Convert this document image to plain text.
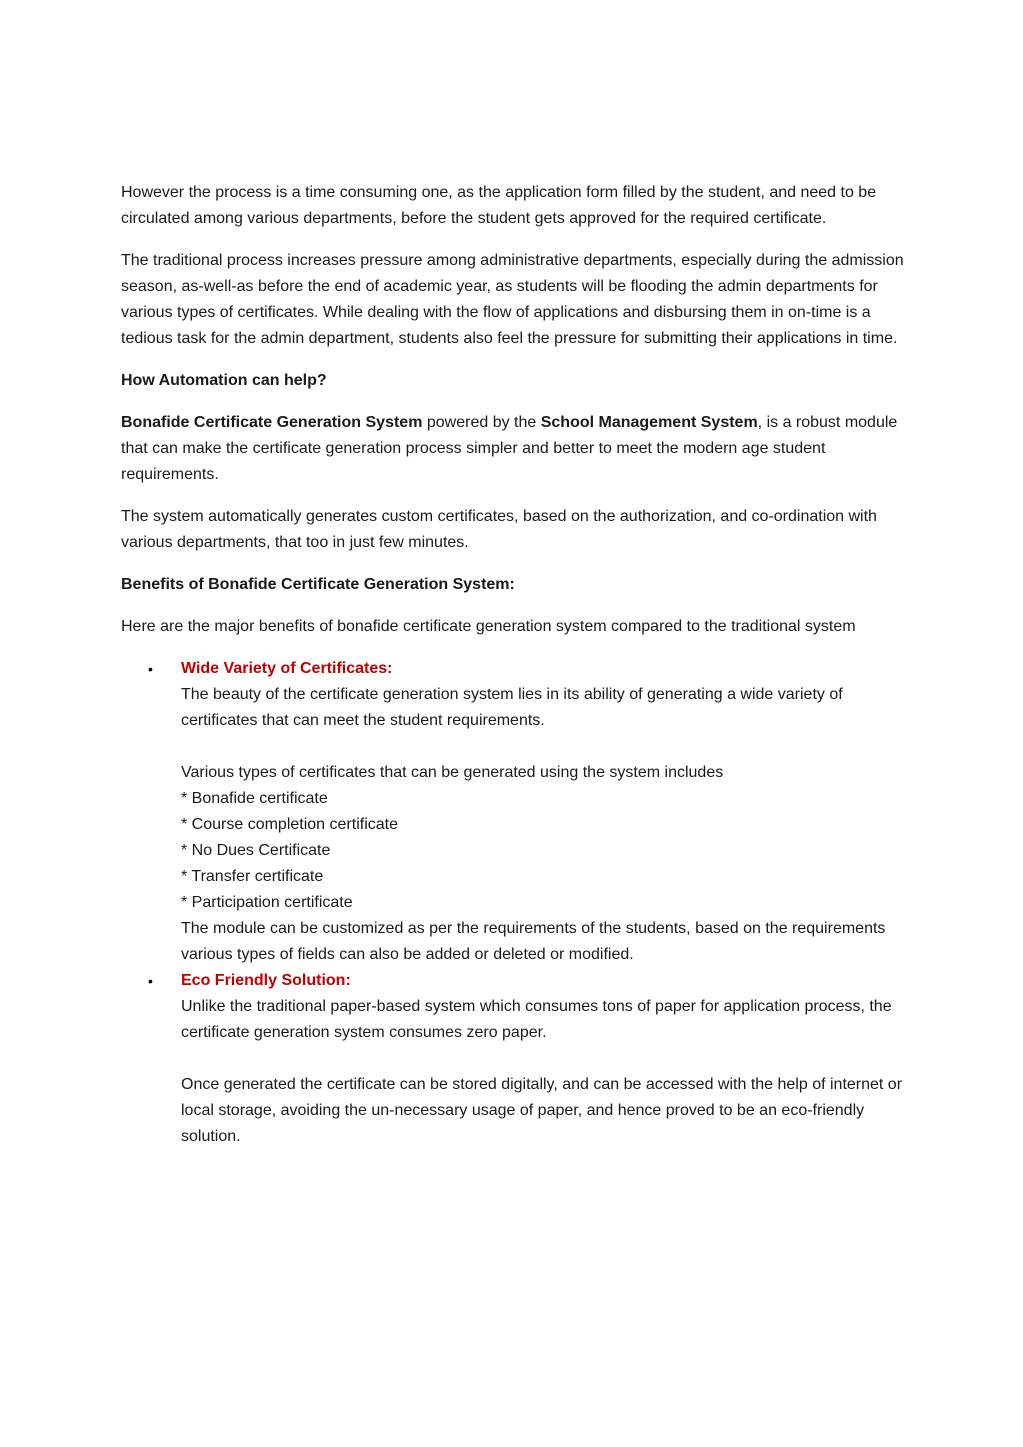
However the process is a time consuming one, as the application form filled by the student, and need to be circulated among various departments, before the student gets approved for the required certificate.

The traditional process increases pressure among administrative departments, especially during the admission season, as-well-as before the end of academic year, as students will be flooding the admin departments for various types of certificates. While dealing with the flow of applications and disbursing them in on-time is a tedious task for the admin department, students also feel the pressure for submitting their applications in time.

How Automation can help?

Bonafide Certificate Generation System powered by the School Management System, is a robust module that can make the certificate generation process simpler and better to meet the modern age student requirements.

The system automatically generates custom certificates, based on the authorization, and co-ordination with various departments, that too in just few minutes.

Benefits of Bonafide Certificate Generation System:

Here are the major benefits of bonafide certificate generation system compared to the traditional system

• Wide Variety of Certificates:
The beauty of the certificate generation system lies in its ability of generating a wide variety of certificates that can meet the student requirements.
Various types of certificates that can be generated using the system includes
* Bonafide certificate
* Course completion certificate
* No Dues Certificate
* Transfer certificate
* Participation certificate
The module can be customized as per the requirements of the students, based on the requirements various types of fields can also be added or deleted or modified.
• Eco Friendly Solution:
Unlike the traditional paper-based system which consumes tons of paper for application process, the certificate generation system consumes zero paper.
Once generated the certificate can be stored digitally, and can be accessed with the help of internet or local storage, avoiding the un-necessary usage of paper, and hence proved to be an eco-friendly solution.
